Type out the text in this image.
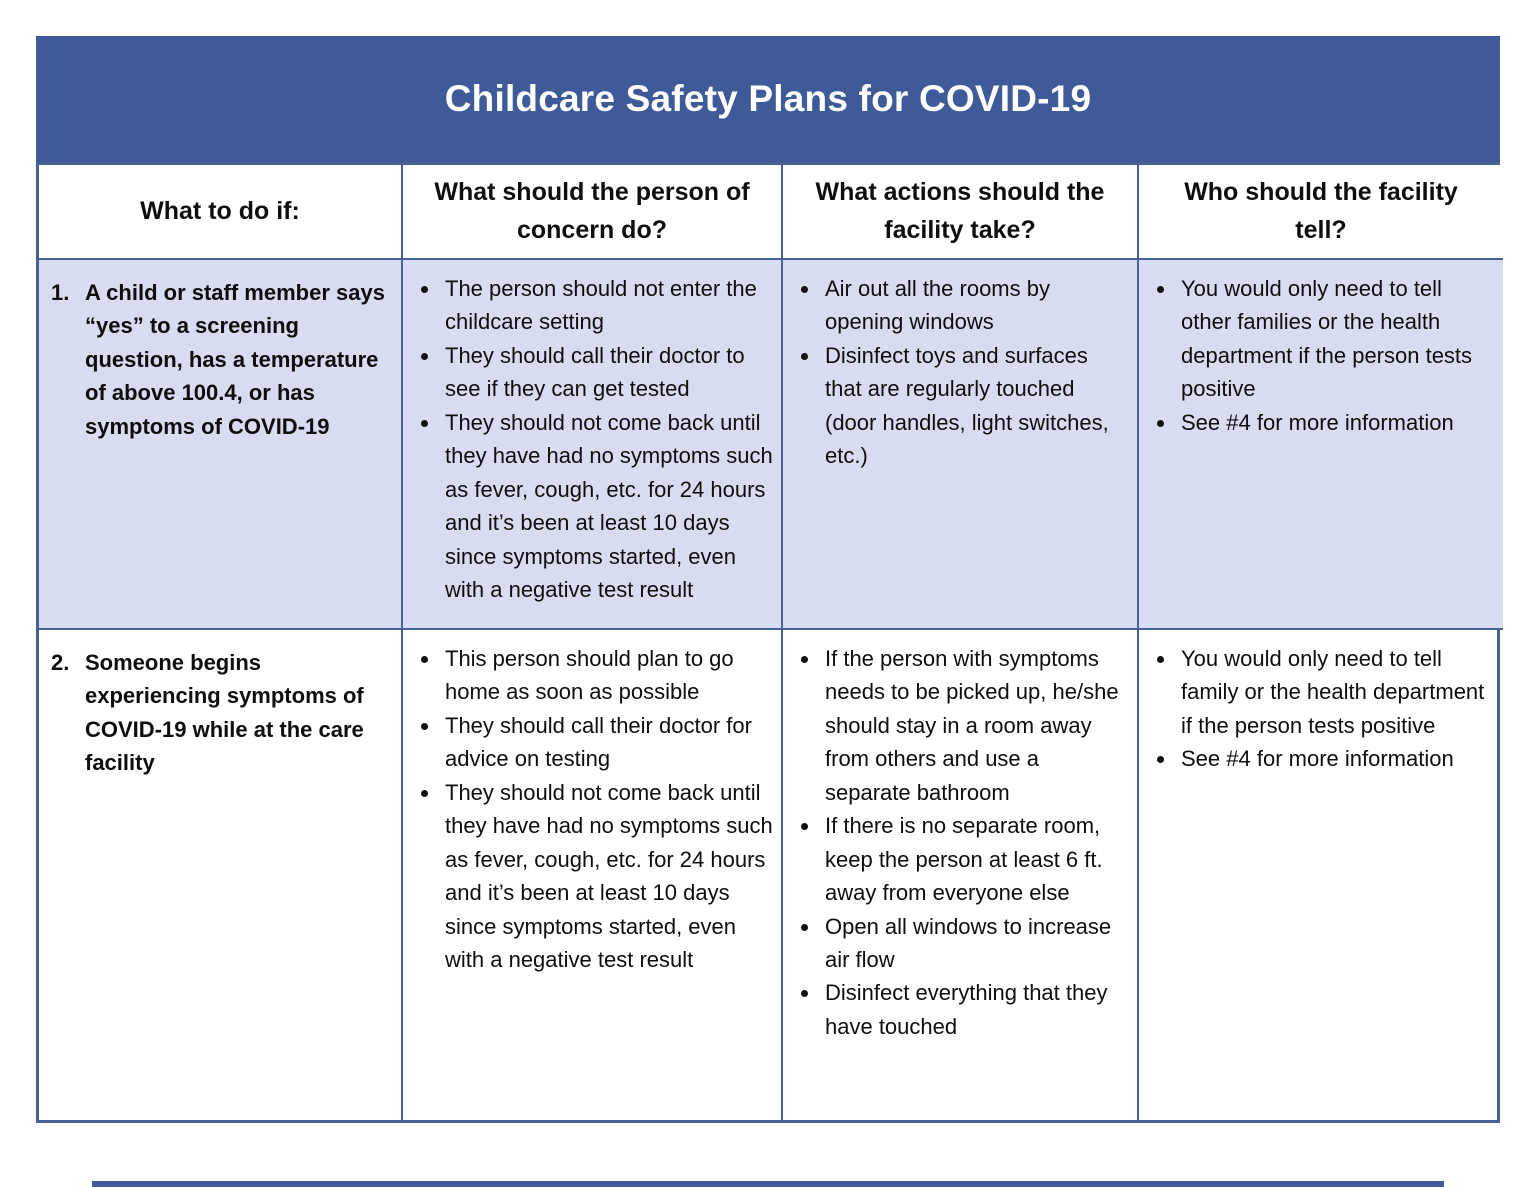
Childcare Safety Plans for COVID-19
What to do if:
What should the person of concern do?
What actions should the facility take?
Who should the facility tell?
1. A child or staff member says “yes” to a screening question, has a temperature of above 100.4, or has symptoms of COVID-19
• The person should not enter the childcare setting
• They should call their doctor to see if they can get tested
• They should not come back until they have had no symptoms such as fever, cough, etc. for 24 hours and it’s been at least 10 days since symptoms started, even with a negative test result
• Air out all the rooms by opening windows
• Disinfect toys and surfaces that are regularly touched (door handles, light switches, etc.)
• You would only need to tell other families or the health department if the person tests positive
• See #4 for more information
2. Someone begins experiencing symptoms of COVID-19 while at the care facility
• This person should plan to go home as soon as possible
• They should call their doctor for advice on testing
• They should not come back until they have had no symptoms such as fever, cough, etc. for 24 hours and it’s been at least 10 days since symptoms started, even with a negative test result
• If the person with symptoms needs to be picked up, he/she should stay in a room away from others and use a separate bathroom
• If there is no separate room, keep the person at least 6 ft. away from everyone else
• Open all windows to increase air flow
• Disinfect everything that they have touched
• You would only need to tell family or the health department if the person tests positive
• See #4 for more information
